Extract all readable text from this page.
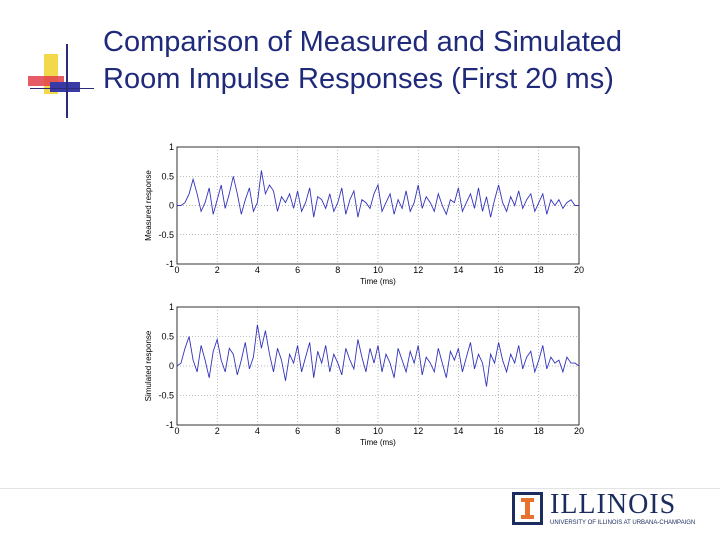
Comparison of Measured and Simulated
Room Impulse Responses (First 20 ms)
0	2	4	6	8	10	12	14	16	18	20
1
0.5
0
-0.5
-1
Time (ms)
Measured response
0	2	4	6	8	10	12	14	16	18	20
1
0.5
0
-0.5
-1
Time (ms)
Simulated response
ILLINOIS
UNIVERSITY OF ILLINOIS AT URBANA-CHAMPAIGN
